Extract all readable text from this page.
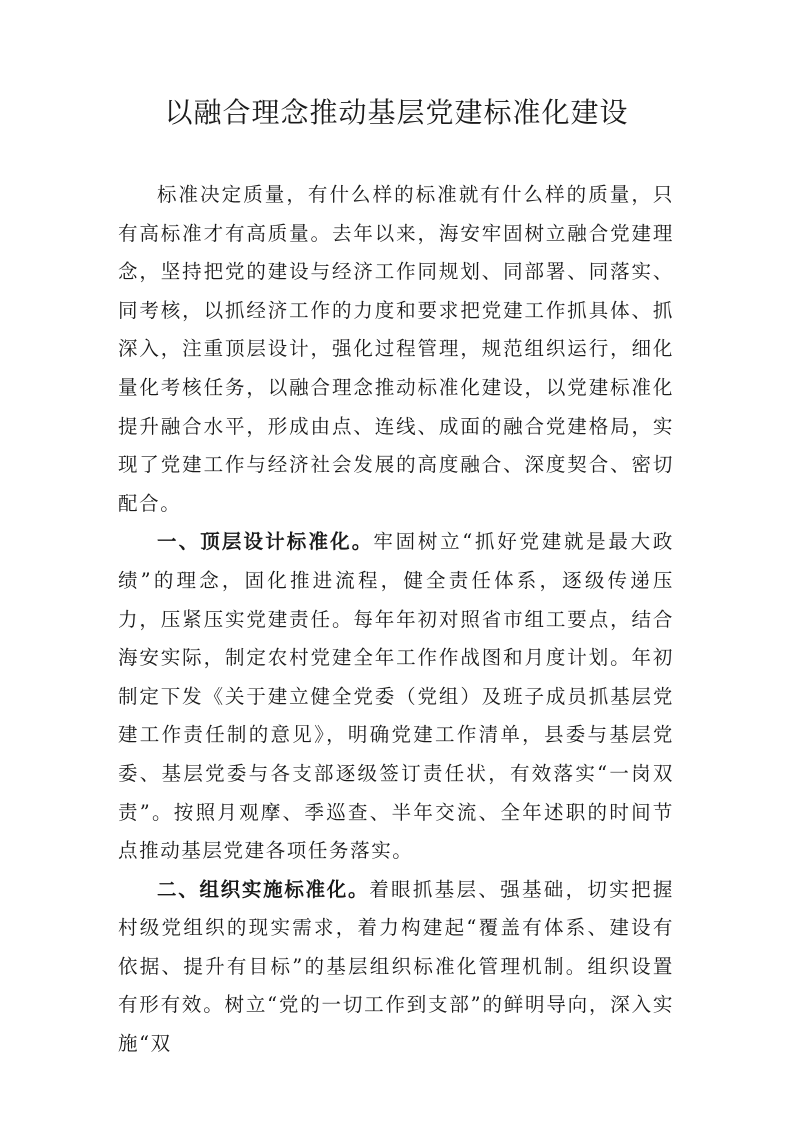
以融合理念推动基层党建标准化建设

标准决定质量，有什么样的标准就有什么样的质量，只有高标准才有高质量。去年以来，海安牢固树立融合党建理念，坚持把党的建设与经济工作同规划、同部署、同落实、同考核，以抓经济工作的力度和要求把党建工作抓具体、抓深入，注重顶层设计，强化过程管理，规范组织运行，细化量化考核任务，以融合理念推动标准化建设，以党建标准化提升融合水平，形成由点、连线、成面的融合党建格局，实现了党建工作与经济社会发展的高度融合、深度契合、密切配合。

一、顶层设计标准化。牢固树立“抓好党建就是最大政绩”的理念，固化推进流程，健全责任体系，逐级传递压力，压紧压实党建责任。每年年初对照省市组工要点，结合海安实际，制定农村党建全年工作作战图和月度计划。年初制定下发《关于建立健全党委（党组）及班子成员抓基层党建工作责任制的意见》，明确党建工作清单，县委与基层党委、基层党委与各支部逐级签订责任状，有效落实“一岗双责”。按照月观摩、季巡查、半年交流、全年述职的时间节点推动基层党建各项任务落实。

二、组织实施标准化。着眼抓基层、强基础，切实把握村级党组织的现实需求，着力构建起“覆盖有体系、建设有依据、提升有目标”的基层组织标准化管理机制。组织设置有形有效。树立“党的一切工作到支部”的鲜明导向，深入实施“双
